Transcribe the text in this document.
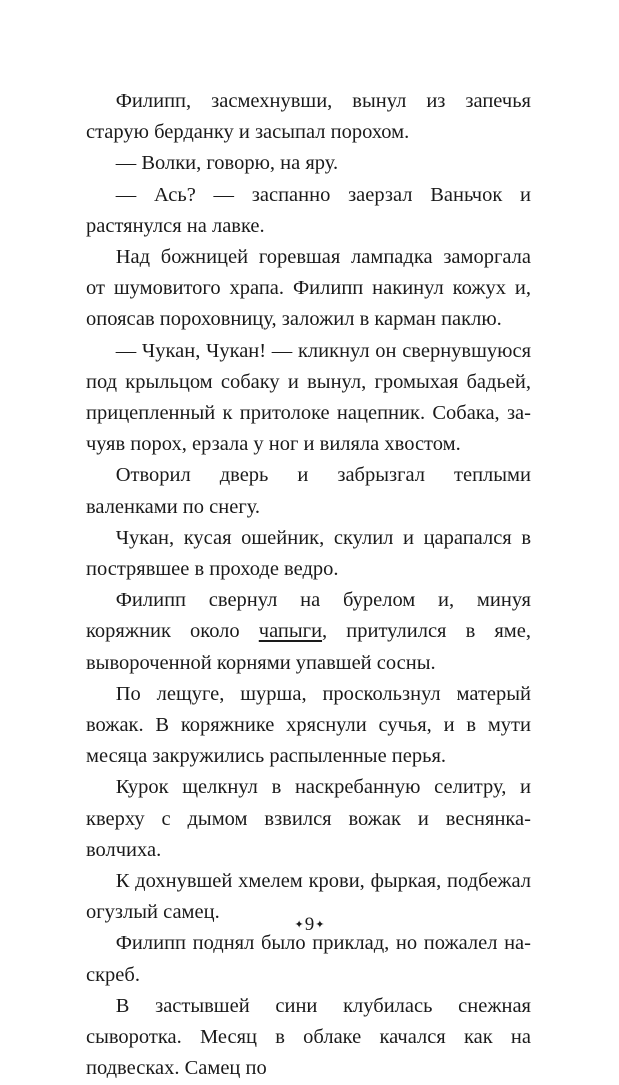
Филипп, засмехнувши, вынул из запечья старую берданку и засыпал порохом.

— Волки, говорю, на яру.

— Ась? — заспанно заерзал Ваньчок и растянулся на лавке.

Над божницей горевшая лампадка заморгала от шумовитого храпа. Филипп накинул кожух и, опоясав пороховницу, заложил в карман паклю.

— Чукан, Чукан! — кликнул он свернувшуюся под крыльцом собаку и вынул, громыхая бадьей, прицепленный к притолоке нацепник. Собака, зачуяв порох, ерзала у ног и виляла хвостом.

Отворил дверь и забрызгал теплыми валенками по снегу.

Чукан, кусая ошейник, скулил и царапался в пострявшее в проходе ведро.

Филипп свернул на бурелом и, минуя коряжник около чапыги, притулился в яме, вывороченной корнями упавшей сосны.

По лещуге, шурша, проскользнул матерый вожак. В коряжнике хряснули сучья, и в мути месяца закружились распыленные перья.

Курок щелкнул в наскребанную селитру, и кверху с дымом взвился вожак и веснянка-волчиха.

К дохнувшей хмелем крови, фыркая, подбежал огузлый самец.

Филипп поднял было приклад, но пожалел наскреб.

В застывшей сини клубилась снежная сыворотка. Месяц в облаке качался как на подвесках. Самец по

✦9✦
